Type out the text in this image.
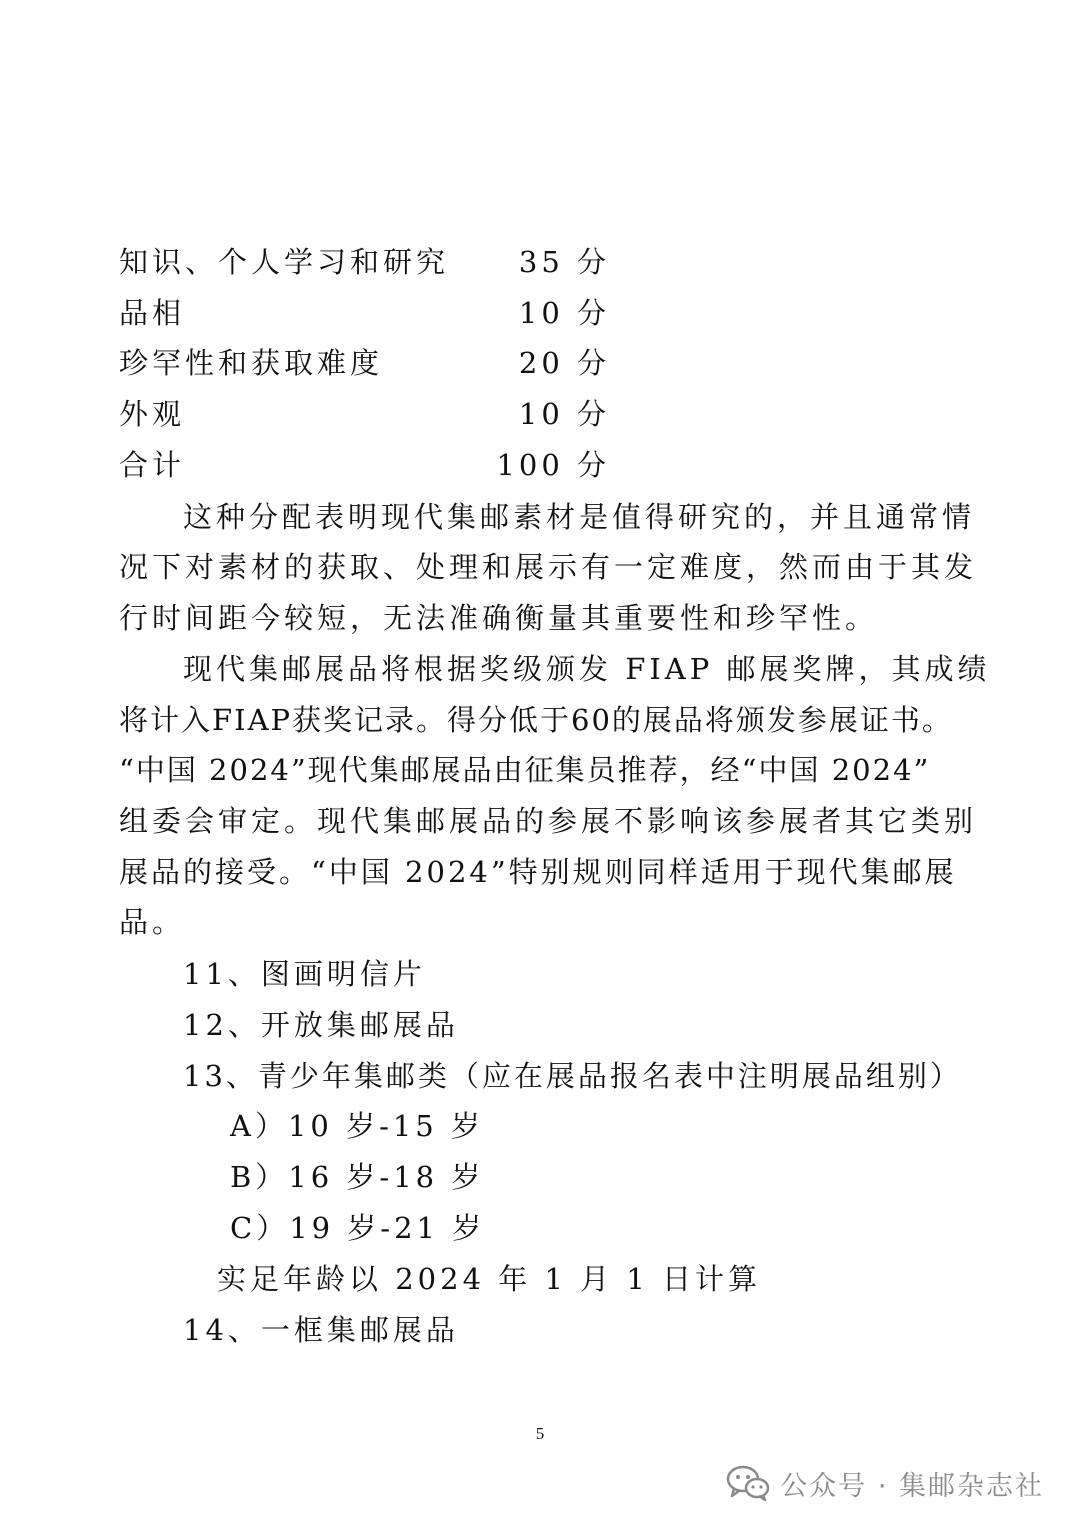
知识、个人学习和研究 35 分
品相	10 分
珍罕性和获取难度	20 分
外观	10 分
合计	100 分
这种分配表明现代集邮素材是值得研究的，并且通常情
况下对素材的获取、处理和展示有一定难度，然而由于其发
行时间距今较短，无法准确衡量其重要性和珍罕性。
现代集邮展品将根据奖级颁发 FIAP 邮展奖牌，其成绩
将计入FIAP获奖记录。得分低于60的展品将颁发参展证书。
“中国 2024”现代集邮展品由征集员推荐，经“中国 2024”
组委会审定。现代集邮展品的参展不影响该参展者其它类别
展品的接受。“中国 2024”特别规则同样适用于现代集邮展
品。
11、图画明信片
12、开放集邮展品
13、青少年集邮类（应在展品报名表中注明展品组别）
A）10 岁-15 岁
B）16 岁-18 岁
C）19 岁-21 岁
实足年龄以 2024 年 1 月 1 日计算
14、一框集邮展品
5
公众号 · 集邮杂志社
